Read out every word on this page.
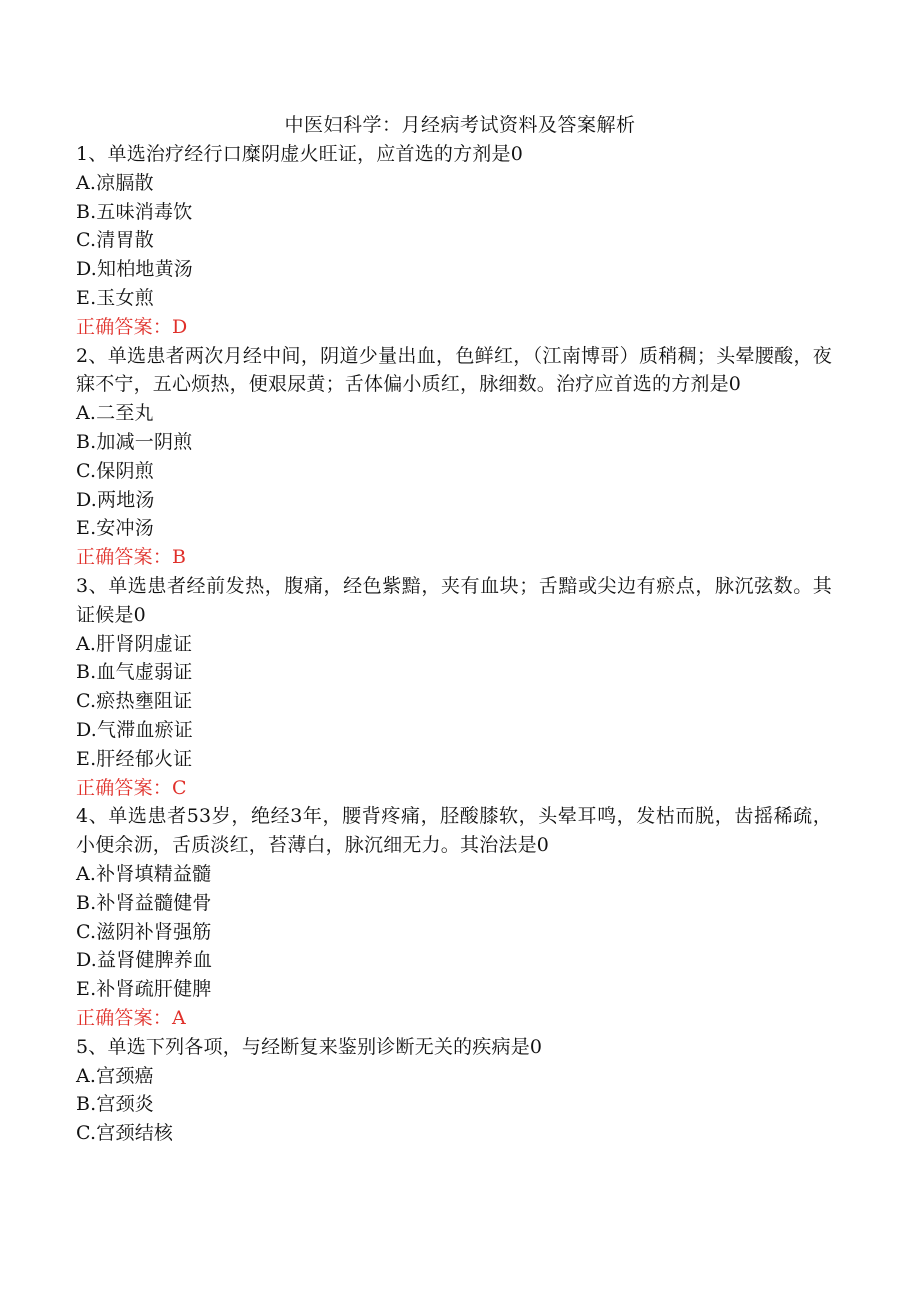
中医妇科学：月经病考试资料及答案解析
1、单选治疗经行口糜阴虚火旺证，应首选的方剂是0
A.凉膈散
B.五味消毒饮
C.清胃散
D.知柏地黄汤
E.玉女煎
正确答案：D
2、单选患者两次月经中间，阴道少量出血，色鲜红，（江南博哥）质稍稠；头晕腰酸，夜寐不宁，五心烦热，便艰尿黄；舌体偏小质红，脉细数。治疗应首选的方剂是0
A.二至丸
B.加减一阴煎
C.保阴煎
D.两地汤
E.安冲汤
正确答案：B
3、单选患者经前发热，腹痛，经色紫黯，夹有血块；舌黯或尖边有瘀点，脉沉弦数。其证候是0
A.肝肾阴虚证
B.血气虚弱证
C.瘀热壅阻证
D.气滞血瘀证
E.肝经郁火证
正确答案：C
4、单选患者53岁，绝经3年，腰背疼痛，胫酸膝软，头晕耳鸣，发枯而脱，齿摇稀疏，小便余沥，舌质淡红，苔薄白，脉沉细无力。其治法是0
A.补肾填精益髓
B.补肾益髓健骨
C.滋阴补肾强筋
D.益肾健脾养血
E.补肾疏肝健脾
正确答案：A
5、单选下列各项，与经断复来鉴别诊断无关的疾病是0
A.宫颈癌
B.宫颈炎
C.宫颈结核
